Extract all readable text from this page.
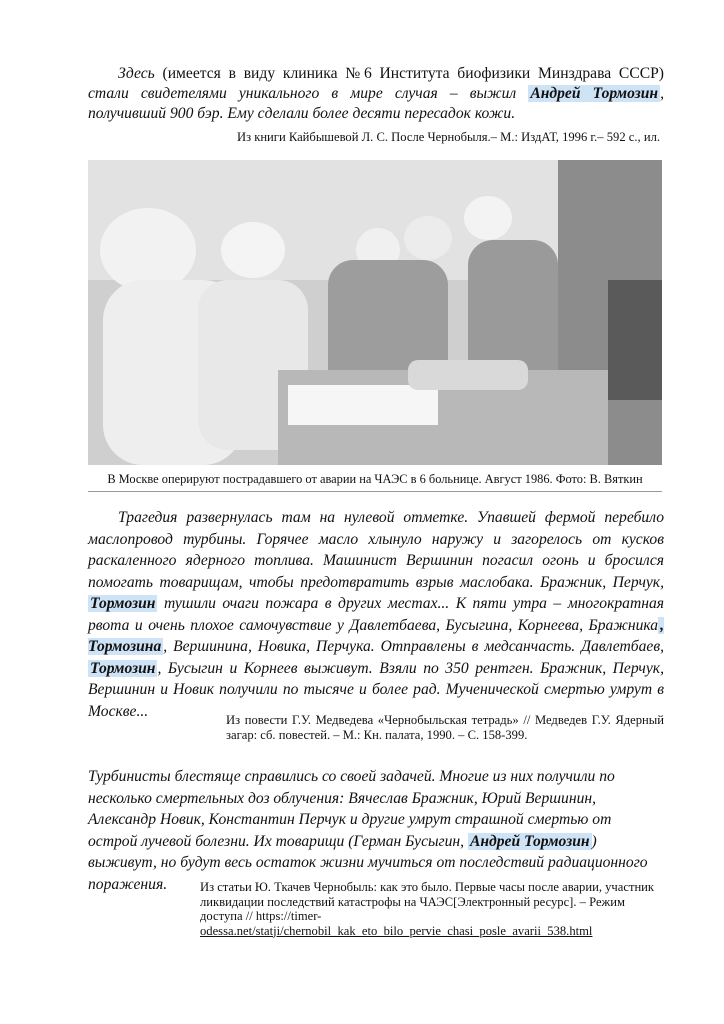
Здесь (имеется в виду клиника №6 Института биофизики Минздрава СССР) стали свидетелями уникального в мире случая – выжил Андрей Тормозин , получивший 900 бэр. Ему сделали более десяти пересадок кожи.
Из книги Кайбышевой Л. С. После Чернобыля.– М.: ИздАТ, 1996 г.– 592 с., ил.
В Москве оперируют пострадавшего от аварии на ЧАЭС в 6 больнице. Август 1986. Фото: В. Вяткин
Трагедия развернулась там на нулевой отметке. Упавшей фермой перебило маслопровод турбины. Горячее масло хлынуло наружу и загорелось от кусков раскаленного ядерного топлива. Машинист Вершинин погасил огонь и бросился помогать товарищам, чтобы предотвратить взрыв маслобака. Бражник, Перчук, Тормозин тушили очаги пожара в других местах... К пяти утра – многократная рвота и очень плохое самочувствие у Давлетбаева, Бусыгина, Корнеева, Бражника , Тормозина , Вершинина, Новика, Перчука. Отправлены в медсанчасть. Давлетбаев, Тормозин , Бусыгин и Корнеев выживут. Взяли по 350 рентген. Бражник, Перчук, Вершинин и Новик получили по тысяче и более рад. Мученической смертью умрут в Москве...
Из повести Г.У. Медведева «Чернобыльская тетрадь» // Медведев Г.У. Ядерный загар: сб. повестей. – М.: Кн. палата, 1990. – С. 158-399.
Турбинисты блестяще справились со своей задачей. Многие из них получили по несколько смертельных доз облучения: Вячеслав Бражник, Юрий Вершинин, Александр Новик, Константин Перчук и другие умрут страшной смертью от острой лучевой болезни. Их товарищи (Герман Бусыгин, Андрей Тормозин ) выживут, но будут весь остаток жизни мучиться от последствий радиационного поражения.	Из статьи Ю. Ткачев Чернобыль: как это было. Первые часы после аварии, участник ликвидации последствий катастрофы на ЧАЭС[Электронный ресурс]. – Режим доступа // https://timer-odessa.net/statji/chernobil_kak_eto_bilo_pervie_chasi_posle_avarii_538.html
